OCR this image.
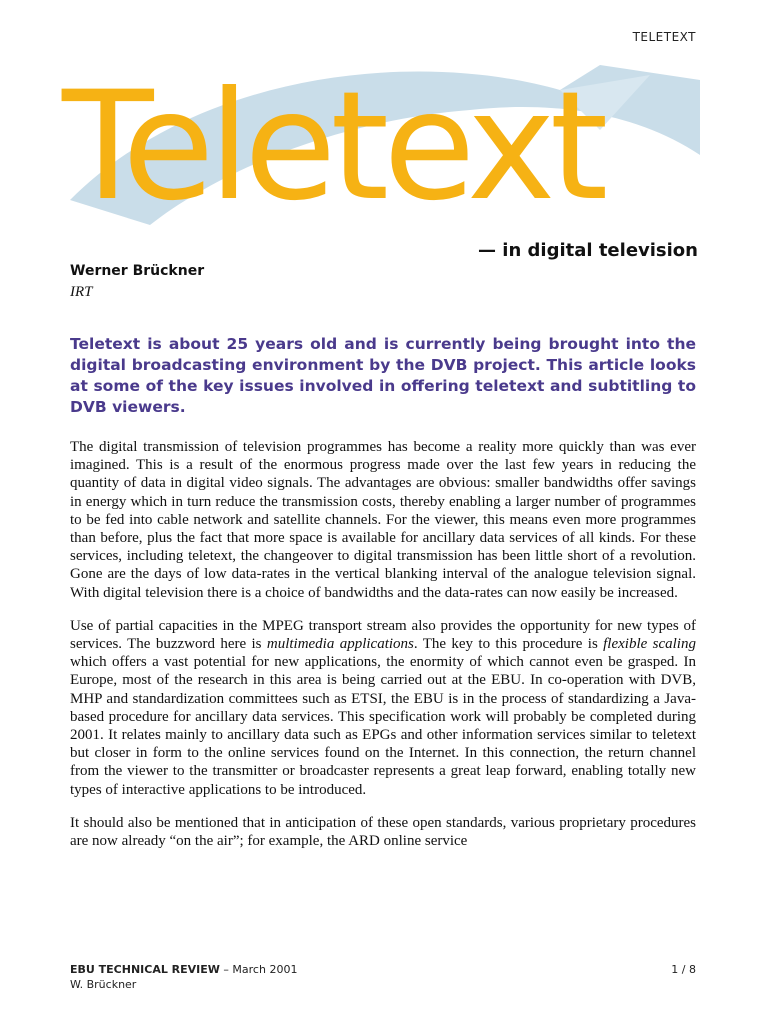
TELETEXT
Teletext
— in digital television
Werner Brückner
IRT

Teletext is about 25 years old and is currently being brought into the digital broadcasting environment by the DVB project. This article looks at some of the key issues involved in offering teletext and subtitling to DVB viewers.

The digital transmission of television programmes has become a reality more quickly than was ever imagined. This is a result of the enormous progress made over the last few years in reducing the quantity of data in digital video signals. The advantages are obvious: smaller bandwidths offer savings in energy which in turn reduce the transmission costs, thereby enabling a larger number of programmes to be fed into cable network and satellite channels. For the viewer, this means even more programmes than before, plus the fact that more space is available for ancillary data services of all kinds. For these services, including teletext, the changeover to digital transmission has been little short of a revolution. Gone are the days of low data-rates in the vertical blanking interval of the analogue television signal. With digital television there is a choice of bandwidths and the data-rates can now easily be increased.

Use of partial capacities in the MPEG transport stream also provides the opportunity for new types of services. The buzzword here is multimedia applications. The key to this procedure is flexible scaling which offers a vast potential for new applications, the enormity of which cannot even be grasped. In Europe, most of the research in this area is being carried out at the EBU. In co-operation with DVB, MHP and standardization committees such as ETSI, the EBU is in the process of standardizing a Java-based procedure for ancillary data services. This specification work will probably be completed during 2001. It relates mainly to ancillary data such as EPGs and other information services similar to teletext but closer in form to the online services found on the Internet. In this connection, the return channel from the viewer to the transmitter or broadcaster represents a great leap forward, enabling totally new types of interactive applications to be introduced.

It should also be mentioned that in anticipation of these open standards, various proprietary procedures are now already “on the air”; for example, the ARD online service

EBU TECHNICAL REVIEW – March 2001	1 / 8
W. Brückner
